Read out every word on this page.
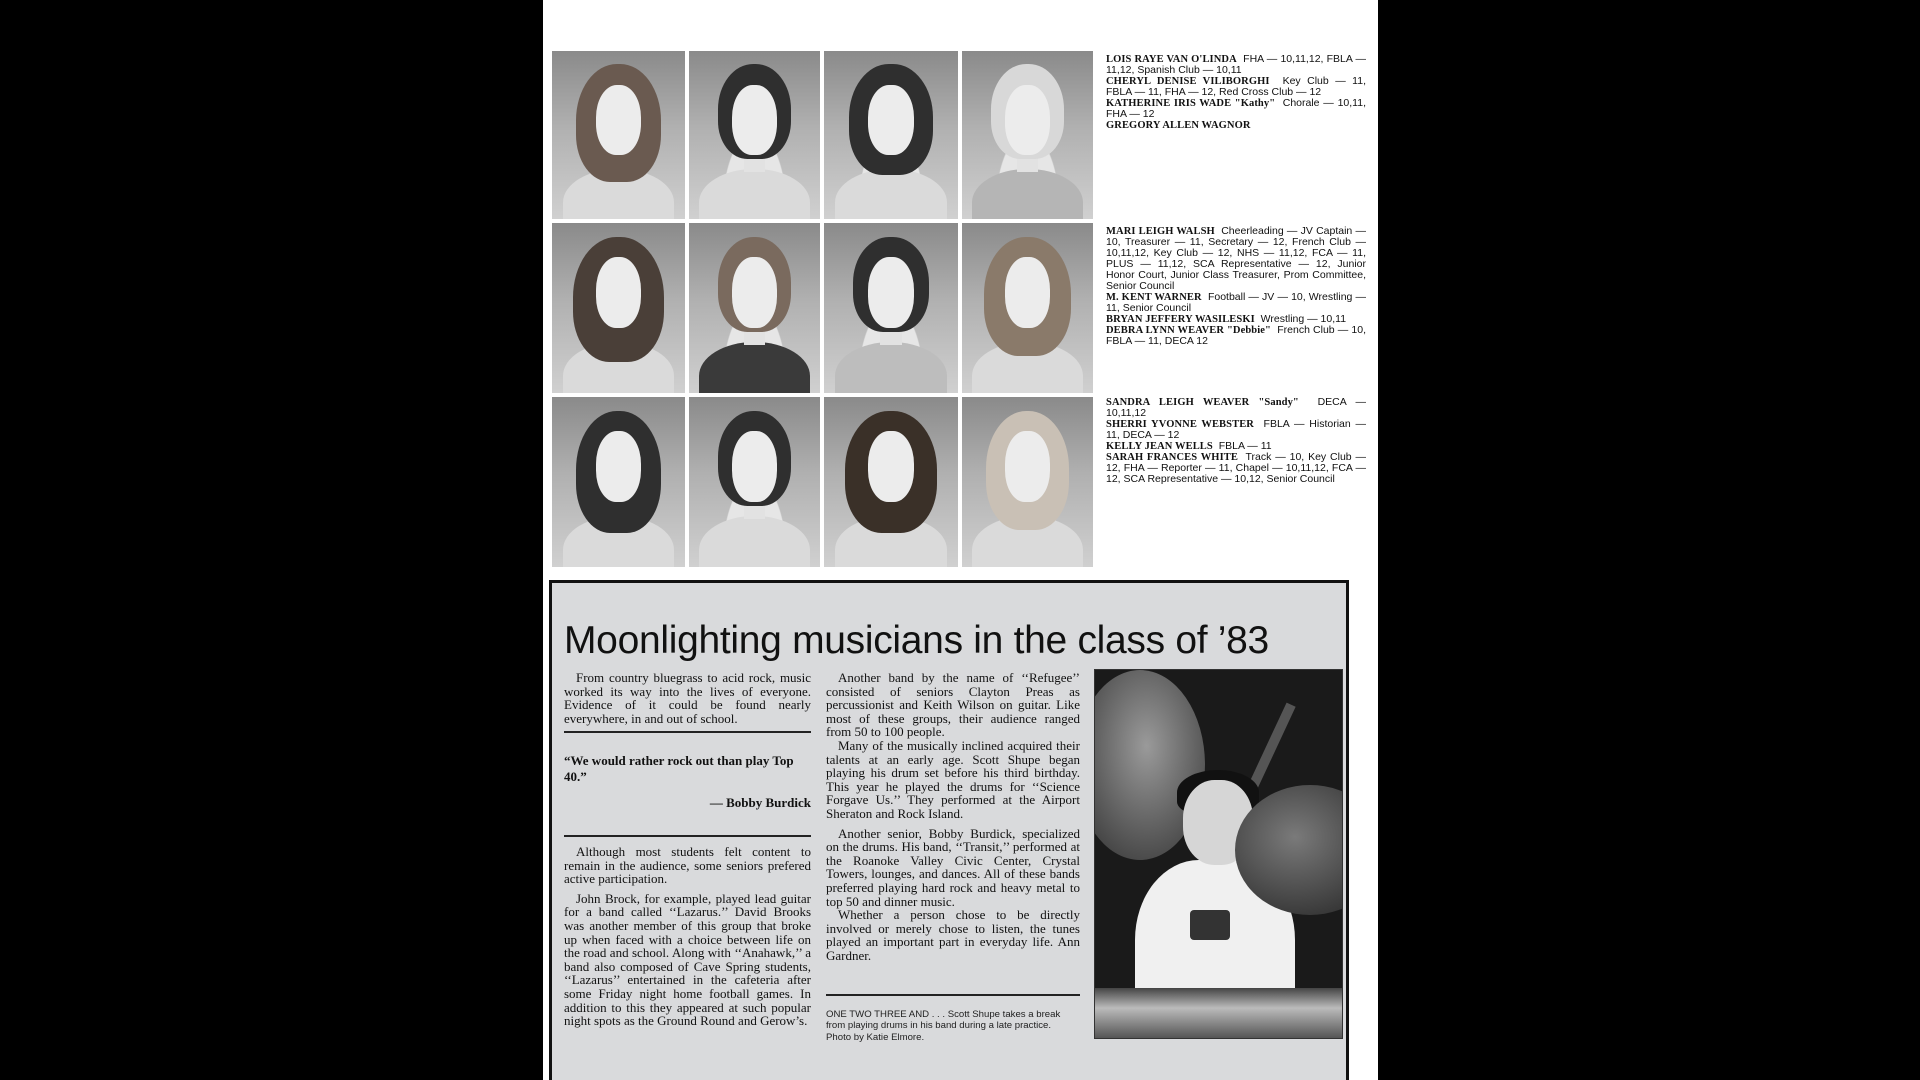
LOIS RAYE VAN O'LINDA FHA — 10,11,12, FBLA — 11,12, Spanish Club — 10,11

CHERYL DENISE VILIBORGHI Key Club — 11, FBLA — 11, FHA — 12, Red Cross Club — 12

KATHERINE IRIS WADE "Kathy" Chorale — 10,11, FHA — 12

GREGORY ALLEN WAGNOR

MARI LEIGH WALSH Cheerleading — JV Captain — 10, Treasurer — 11, Secretary — 12, French Club — 10,11,12, Key Club — 12, NHS — 11,12, FCA — 11, PLUS — 11,12, SCA Representative — 12, Junior Honor Court, Junior Class Treasurer, Prom Committee, Senior Council

M. KENT WARNER Football — JV — 10, Wrestling — 11, Senior Council

BRYAN JEFFERY WASILESKI Wrestling — 10,11

DEBRA LYNN WEAVER "Debbie" French Club — 10, FBLA — 11, DECA 12

SANDRA LEIGH WEAVER "Sandy" DECA — 10,11,12

SHERRI YVONNE WEBSTER FBLA — Historian — 11, DECA — 12

KELLY JEAN WELLS FBLA — 11

SARAH FRANCES WHITE Track — 10, Key Club — 12, FHA — Reporter — 11, Chapel — 10,11,12, FCA — 12, SCA Representative — 10,12, Senior Council

Moonlighting musicians in the class of ’83

From country bluegrass to acid rock, music worked its way into the lives of everyone. Evidence of it could be found nearly everywhere, in and out of school.

“We would rather rock out than play Top 40.”
— Bobby Burdick

Although most students felt content to remain in the audience, some seniors prefered active participation.

John Brock, for example, played lead guitar for a band called ‘‘Lazarus.’’ David Brooks was another member of this group that broke up when faced with a choice between life on the road and school. Along with ‘‘Anahawk,’’ a band also composed of Cave Spring students, ‘‘Lazarus’’ entertained in the cafeteria after some Friday night home football games. In addition to this they appeared at such popular night spots as the Ground Round and Gerow’s.

Another band by the name of ‘‘Refugee’’ consisted of seniors Clayton Preas as percussionist and Keith Wilson on guitar. Like most of these groups, their audience ranged from 50 to 100 people.

Many of the musically inclined acquired their talents at an early age. Scott Shupe began playing his drum set before his third birthday. This year he played the drums for ‘‘Science Forgave Us.’’ They performed at the Airport Sheraton and Rock Island.

Another senior, Bobby Burdick, specialized on the drums. His band, ‘‘Transit,’’ performed at the Roanoke Valley Civic Center, Crystal Towers, lounges, and dances. All of these bands preferred playing hard rock and heavy metal to top 50 and dinner music.

Whether a person chose to be directly involved or merely chose to listen, the tunes played an important part in everyday life. Ann Gardner.

ONE TWO THREE AND . . . Scott Shupe takes a break from playing drums in his band during a late practice. Photo by Katie Elmore.
